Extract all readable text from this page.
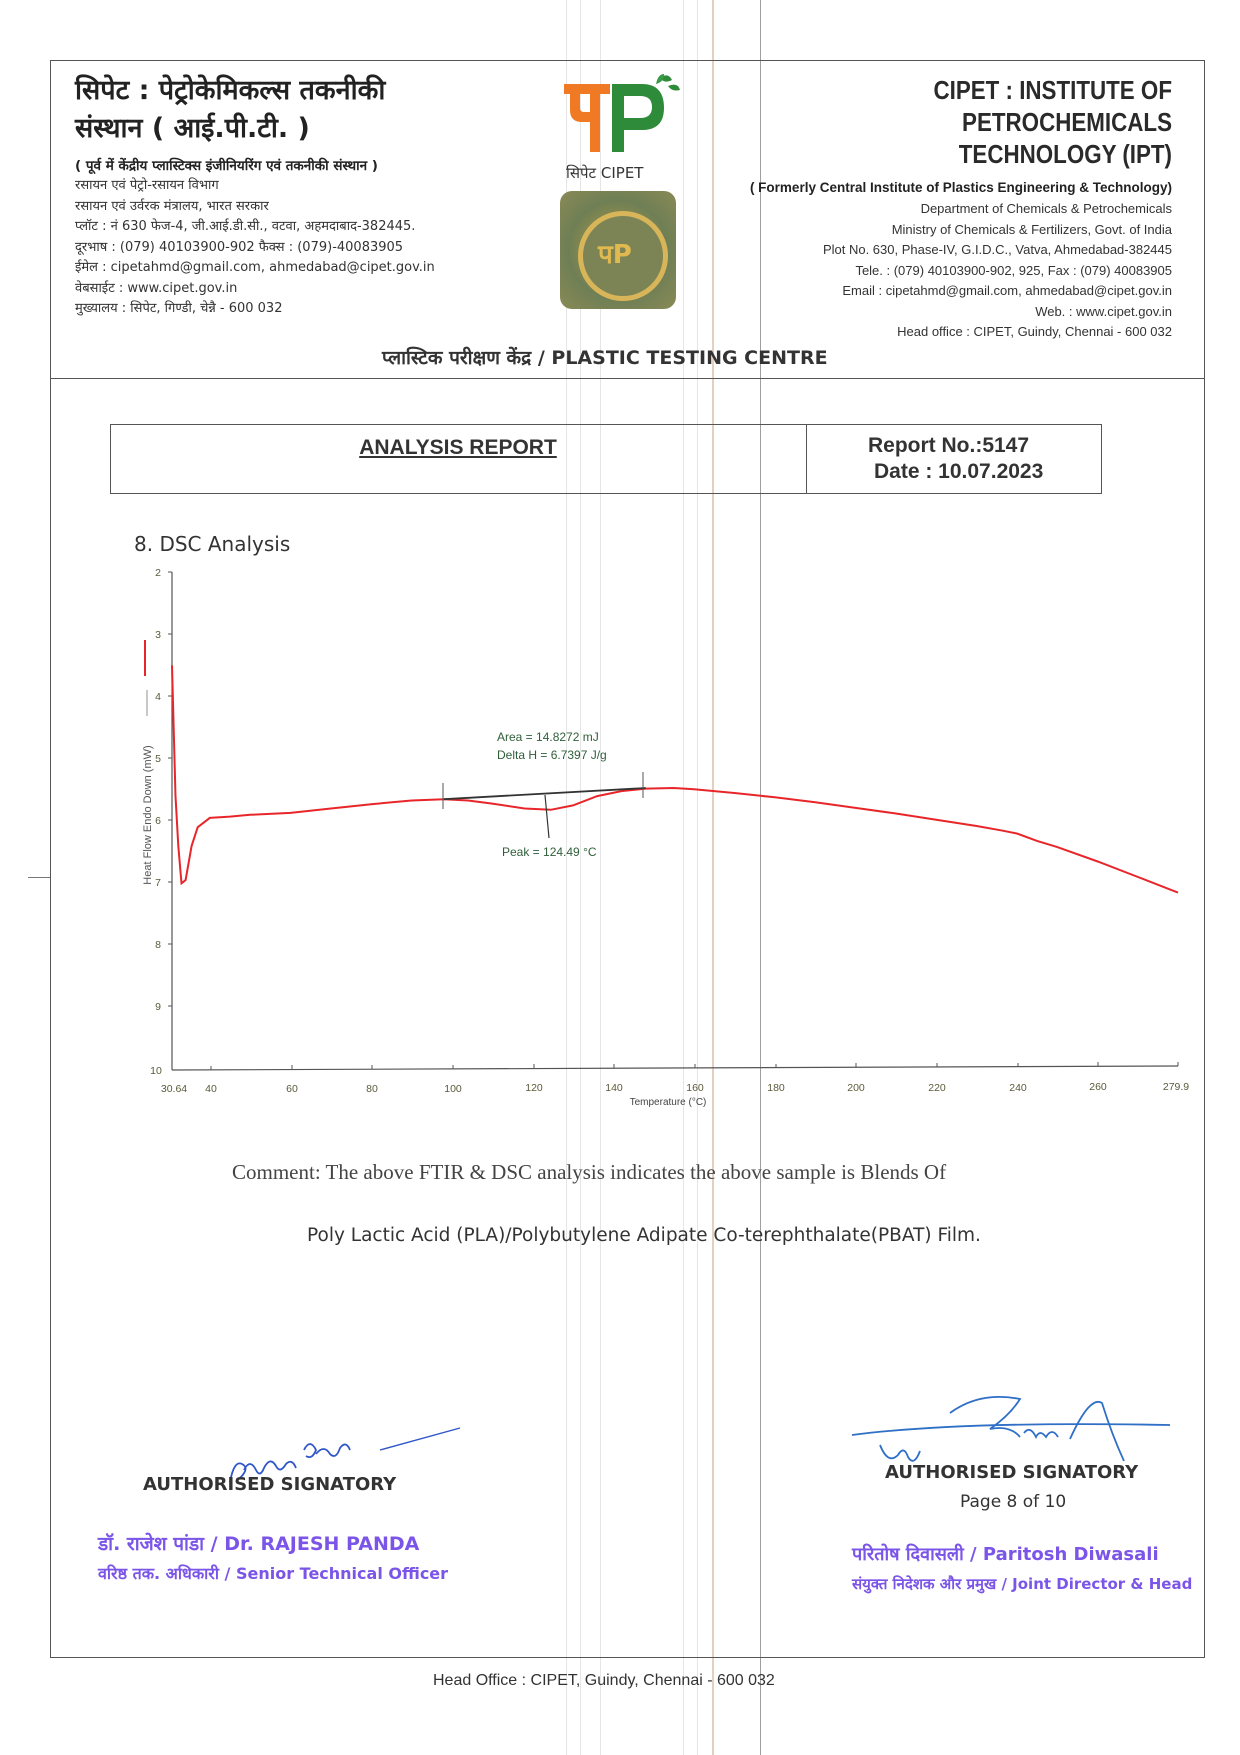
सिपेट : पेट्रोकेमिकल्स तकनीकी
संस्थान ( आई.पी.टी. )
( पूर्व में केंद्रीय प्लास्टिक्स इंजीनियरिंग एवं तकनीकी संस्थान )
रसायन एवं पेट्रो-रसायन विभाग
रसायन एवं उर्वरक मंत्रालय, भारत सरकार
प्लॉट : नं 630 फेज-4, जी.आई.डी.सी., वटवा, अहमदाबाद-382445.
दूरभाष : (079) 40103900-902 फैक्स : (079)-40083905
ईमेल : cipetahmd@gmail.com, ahmedabad@cipet.gov.in
वेबसाईट : www.cipet.gov.in
मुख्यालय : सिपेट, गिण्डी, चेन्नै - 600 032
सिपेट CIPET
पP
CIPET : INSTITUTE OF PETROCHEMICALS
TECHNOLOGY (IPT)
( Formerly Central Institute of Plastics Engineering & Technology)
Department of Chemicals & Petrochemicals
Ministry of Chemicals & Fertilizers, Govt. of India
Plot No. 630, Phase-IV, G.I.D.C., Vatva, Ahmedabad-382445
Tele. : (079) 40103900-902, 925, Fax : (079) 40083905
Email : cipetahmd@gmail.com, ahmedabad@cipet.gov.in
Web. : www.cipet.gov.in
Head office : CIPET, Guindy, Chennai - 600 032
प्लास्टिक परीक्षण केंद्र / PLASTIC TESTING CENTRE
ANALYSIS REPORT	Report No.:5147
Date : 10.07.2023
8. DSC Analysis
2
3
4
5
6
7
8
9
10
30.64 40	60	80	100	120	140	160	180	200	220	240	260	279.9
Temperature (°C)
Heat Flow Endo Down (mW)
Area = 14.8272 mJ
Delta H = 6.7397 J/g
Peak = 124.49 °C
Comment: The above FTIR & DSC analysis indicates the above sample is Blends Of
Poly Lactic Acid (PLA)/Polybutylene Adipate Co-terephthalate(PBAT) Film.
AUTHORISED SIGNATORY
डॉ. राजेश पांडा / Dr. RAJESH PANDA
वरिष्ठ तक. अधिकारी / Senior Technical Officer
AUTHORISED SIGNATORY
Page 8 of 10
परितोष दिवासली / Paritosh Diwasali
संयुक्त निदेशक और प्रमुख / Joint Director & Head
Head Office : CIPET, Guindy, Chennai - 600 032
